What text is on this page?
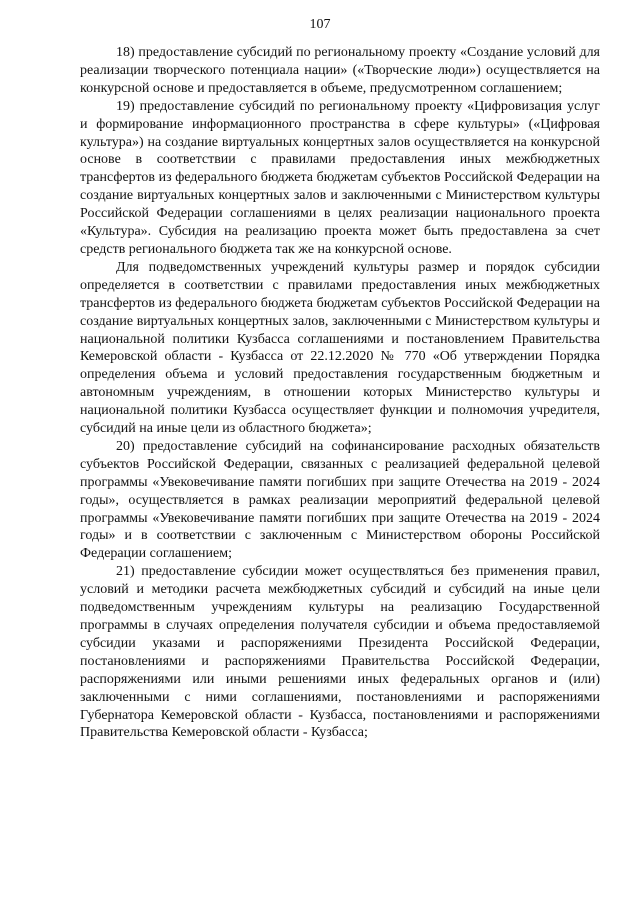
107

18) предоставление субсидий по региональному проекту «Создание условий для реализации творческого потенциала нации» («Творческие люди») осуществляется на конкурсной основе и предоставляется в объеме, предусмотренном соглашением;

19) предоставление субсидий по региональному проекту «Цифровизация услуг и формирование информационного пространства в сфере культуры» («Цифровая культура») на создание виртуальных концертных залов осуществляется на конкурсной основе в соответствии с правилами предоставления иных межбюджетных трансфертов из федерального бюджета бюджетам субъектов Российской Федерации на создание виртуальных концертных залов и заключенными с Министерством культуры Российской Федерации соглашениями в целях реализации национального проекта «Культура». Субсидия на реализацию проекта может быть предоставлена за счет средств регионального бюджета так же на конкурсной основе.

Для подведомственных учреждений культуры размер и порядок субсидии определяется в соответствии с правилами предоставления иных межбюджетных трансфертов из федерального бюджета бюджетам субъектов Российской Федерации на создание виртуальных концертных залов, заключенными с Министерством культуры и национальной политики Кузбасса соглашениями и постановлением Правительства Кемеровской области - Кузбасса от 22.12.2020 № 770 «Об утверждении Порядка определения объема и условий предоставления государственным бюджетным и автономным учреждениям, в отношении которых Министерство культуры и национальной политики Кузбасса осуществляет функции и полномочия учредителя, субсидий на иные цели из областного бюджета»;

20) предоставление субсидий на софинансирование расходных обязательств субъектов Российской Федерации, связанных с реализацией федеральной целевой программы «Увековечивание памяти погибших при защите Отечества на 2019 - 2024 годы», осуществляется в рамках реализации мероприятий федеральной целевой программы «Увековечивание памяти погибших при защите Отечества на 2019 - 2024 годы» и в соответствии с заключенным с Министерством обороны Российской Федерации соглашением;

21) предоставление субсидии может осуществляться без применения правил, условий и методики расчета межбюджетных субсидий и субсидий на иные цели подведомственным учреждениям культуры на реализацию Государственной программы в случаях определения получателя субсидии и объема предоставляемой субсидии указами и распоряжениями Президента Российской Федерации, постановлениями и распоряжениями Правительства Российской Федерации, распоряжениями или иными решениями иных федеральных органов и (или) заключенными с ними соглашениями, постановлениями и распоряжениями Губернатора Кемеровской области - Кузбасса, постановлениями и распоряжениями Правительства Кемеровской области - Кузбасса;
